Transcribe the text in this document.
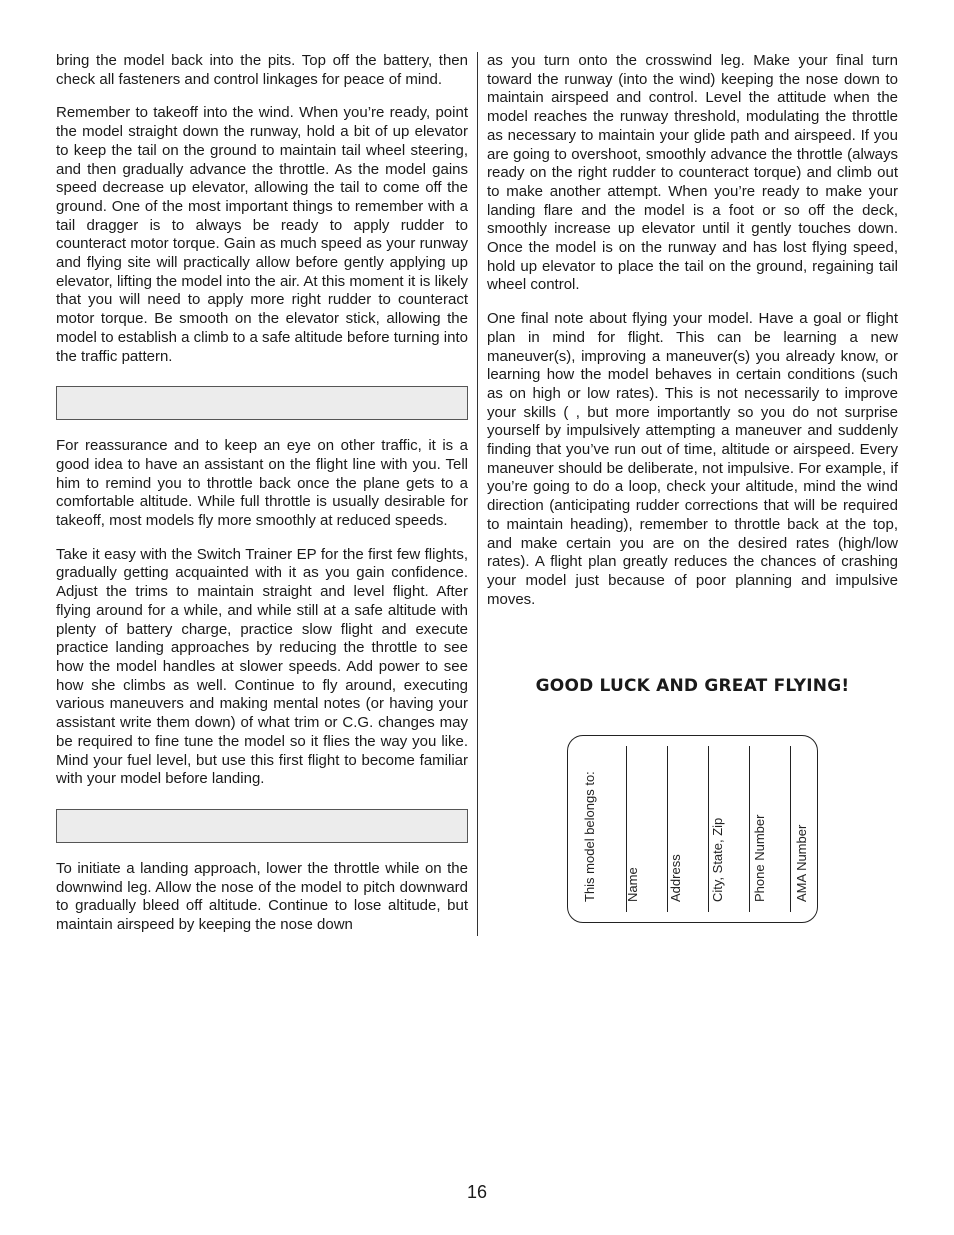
bring the model back into the pits. Top off the battery, then check all fasteners and control linkages for peace of mind.

Remember to takeoff into the wind. When you’re ready, point the model straight down the runway, hold a bit of up elevator to keep the tail on the ground to maintain tail wheel steering, and then gradually advance the throttle. As the model gains speed decrease up elevator, allowing the tail to come off the ground. One of the most important things to remember with a tail dragger is to always be ready to apply rudder to counteract motor torque. Gain as much speed as your runway and flying site will practically allow before gently applying up elevator, lifting the model into the air. At this moment it is likely that you will need to apply more right rudder to counteract motor torque. Be smooth on the elevator stick, allowing the model to establish a climb to a safe altitude before turning into the traffic pattern.

For reassurance and to keep an eye on other traffic, it is a good idea to have an assistant on the flight line with you. Tell him to remind you to throttle back once the plane gets to a comfortable altitude. While full throttle is usually desirable for takeoff, most models fly more smoothly at reduced speeds.

Take it easy with the Switch Trainer EP for the first few flights, gradually getting acquainted with it as you gain confidence. Adjust the trims to maintain straight and level flight. After flying around for a while, and while still at a safe altitude with plenty of battery charge, practice slow flight and execute practice landing approaches by reducing the throttle to see how the model handles at slower speeds. Add power to see how she climbs as well. Continue to fly around, executing various maneuvers and making mental notes (or having your assistant write them down) of what trim or C.G. changes may be required to fine tune the model so it flies the way you like. Mind your fuel level, but use this first flight to become familiar with your model before landing.

To initiate a landing approach, lower the throttle while on the downwind leg. Allow the nose of the model to pitch downward to gradually bleed off altitude. Continue to lose altitude, but maintain airspeed by keeping the nose down

as you turn onto the crosswind leg. Make your final turn toward the runway (into the wind) keeping the nose down to maintain airspeed and control. Level the attitude when the model reaches the runway threshold, modulating the throttle as necessary to maintain your glide path and airspeed. If you are going to overshoot, smoothly advance the throttle (always ready on the right rudder to counteract torque) and climb out to make another attempt. When you’re ready to make your landing flare and the model is a foot or so off the deck, smoothly increase up elevator until it gently touches down. Once the model is on the runway and has lost flying speed, hold up elevator to place the tail on the ground, regaining tail wheel control.

One final note about flying your model. Have a goal or flight plan in mind for flight. This can be learning a new maneuver(s), improving a maneuver(s) you already know, or learning how the model behaves in certain conditions (such as on high or low rates). This is not necessarily to improve your skills ( , but more importantly so you do not surprise yourself by impulsively attempting a maneuver and suddenly finding that you’ve run out of time, altitude or airspeed. Every maneuver should be deliberate, not impulsive. For example, if you’re going to do a loop, check your altitude, mind the wind direction (anticipating rudder corrections that will be required to maintain heading), remember to throttle back at the top, and make certain you are on the desired rates (high/low rates). A flight plan greatly reduces the chances of crashing your model just because of poor planning and impulsive moves.

GOOD LUCK AND GREAT FLYING!
This model belongs to: Name Address City, State, Zip Phone Number AMA Number
16
